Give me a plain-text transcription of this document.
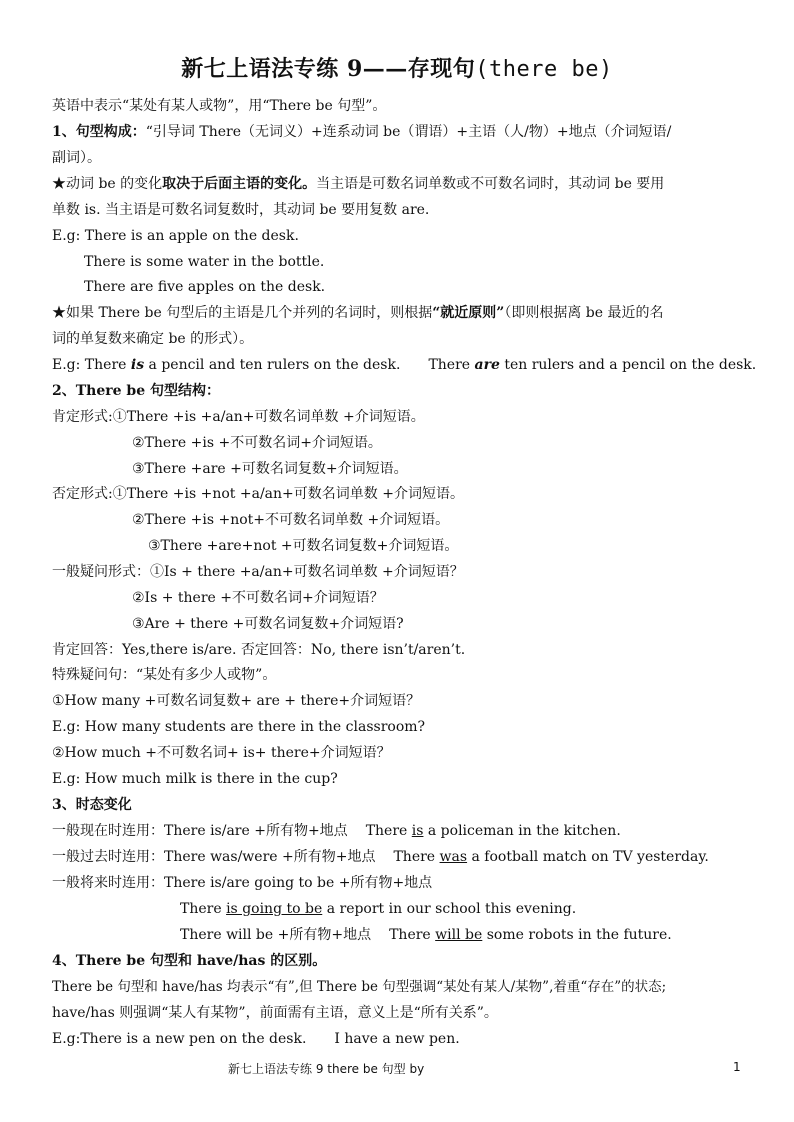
新七上语法专练 9——存现句(there be)
英语中表示“某处有某人或物”，用“There be 句型”。
1、句型构成：“引导词 There（无词义）+连系动词 be（谓语）+主语（人/物）+地点（介词短语/
副词）。
★动词 be 的变化取决于后面主语的变化。当主语是可数名词单数或不可数名词时，其动词 be 要用
单数 is. 当主语是可数名词复数时，其动词 be 要用复数 are.
E.g: There is an apple on the desk.
There is some water in the bottle.
There are five apples on the desk.
★如果 There be 句型后的主语是几个并列的名词时，则根据“就近原则”（即则根据离 be 最近的名
词的单复数来确定 be 的形式）。
E.g: There is a pencil and ten rulers on the desk. There are ten rulers and a pencil on the desk.
2、There be 句型结构：
肯定形式:①There +is +a/an+可数名词单数 +介词短语。
②There +is +不可数名词+介词短语。
③There +are +可数名词复数+介词短语。
否定形式:①There +is +not +a/an+可数名词单数 +介词短语。
②There +is +not+不可数名词单数 +介词短语。
③There +are+not +可数名词复数+介词短语。
一般疑问形式：①Is + there +a/an+可数名词单数 +介词短语？
②Is + there +不可数名词+介词短语？
③Are + there +可数名词复数+介词短语?
肯定回答：Yes,there is/are. 否定回答：No, there isn’t/aren’t.
特殊疑问句：“某处有多少人或物”。
①How many +可数名词复数+ are + there+介词短语？
E.g: How many students are there in the classroom?
②How much +不可数名词+ is+ there+介词短语？
E.g: How much milk is there in the cup?
3、时态变化
一般现在时连用：There is/are +所有物+地点 There is a policeman in the kitchen.
一般过去时连用：There was/were +所有物+地点 There was a football match on TV yesterday.
一般将来时连用：There is/are going to be +所有物+地点
There is going to be a report in our school this evening.
There will be +所有物+地点 There will be some robots in the future.
4、There be 句型和 have/has 的区别。
There be 句型和 have/has 均表示“有”,但 There be 句型强调“某处有某人/某物”,着重“存在”的状态;
have/has 则强调“某人有某物”，前面需有主语，意义上是“所有关系”。
E.g:There is a new pen on the desk. I have a new pen.
新七上语法专练 9 there be 句型 by	1
